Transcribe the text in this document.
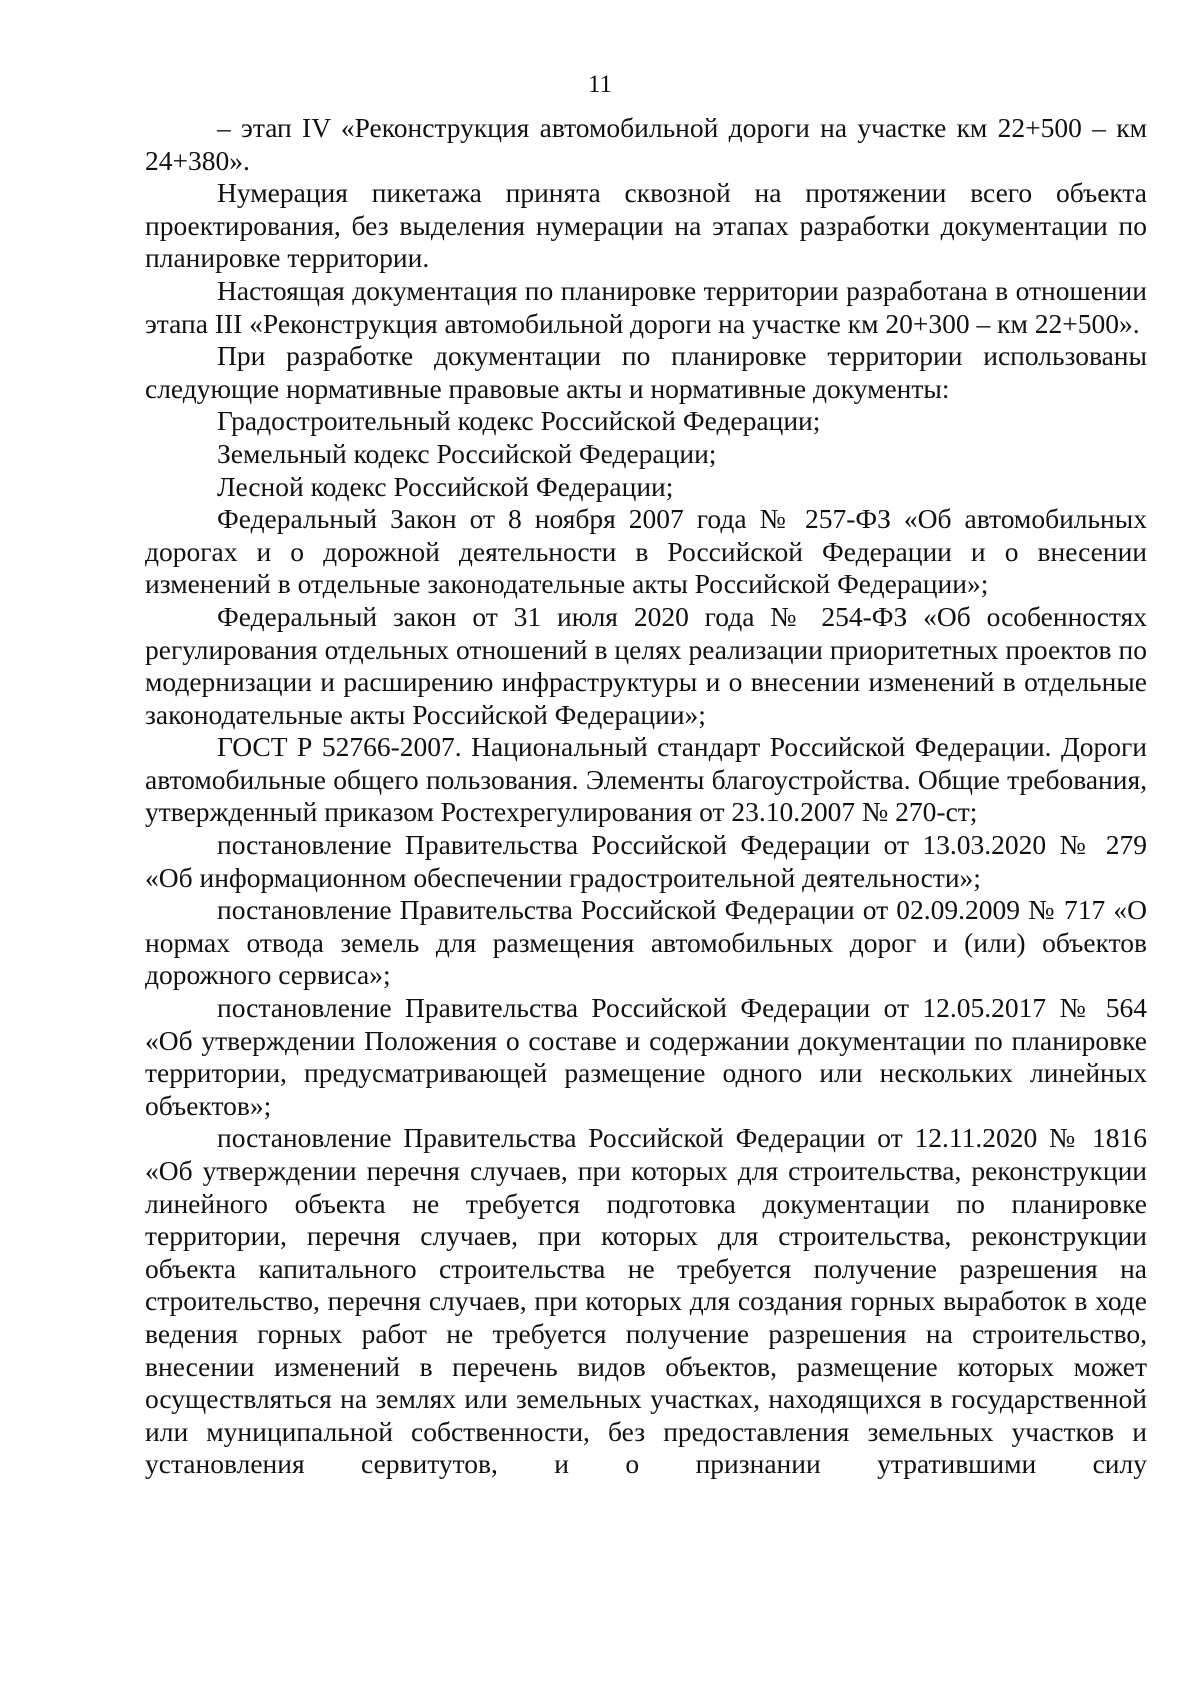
11

– этап IV «Реконструкция автомобильной дороги на участке км 22+500 – км 24+380».

Нумерация пикетажа принята сквозной на протяжении всего объекта проектирования, без выделения нумерации на этапах разработки документации по планировке территории.

Настоящая документация по планировке территории разработана в отношении этапа III «Реконструкция автомобильной дороги на участке км 20+300 – км 22+500».

При разработке документации по планировке территории использованы следующие нормативные правовые акты и нормативные документы:

Градостроительный кодекс Российской Федерации;

Земельный кодекс Российской Федерации;

Лесной кодекс Российской Федерации;

Федеральный Закон от 8 ноября 2007 года № 257-ФЗ «Об автомобильных дорогах и о дорожной деятельности в Российской Федерации и о внесении изменений в отдельные законодательные акты Российской Федерации»;

Федеральный закон от 31 июля 2020 года № 254-ФЗ «Об особенностях регулирования отдельных отношений в целях реализации приоритетных проектов по модернизации и расширению инфраструктуры и о внесении изменений в отдельные законодательные акты Российской Федерации»;

ГОСТ Р 52766-2007. Национальный стандарт Российской Федерации. Дороги автомобильные общего пользования. Элементы благоустройства. Общие требования, утвержденный приказом Ростехрегулирования от 23.10.2007 № 270-ст;

постановление Правительства Российской Федерации от 13.03.2020 № 279 «Об информационном обеспечении градостроительной деятельности»;

постановление Правительства Российской Федерации от 02.09.2009 № 717 «О нормах отвода земель для размещения автомобильных дорог и (или) объектов дорожного сервиса»;

постановление Правительства Российской Федерации от 12.05.2017 № 564 «Об утверждении Положения о составе и содержании документации по планировке территории, предусматривающей размещение одного или нескольких линейных объектов»;

постановление Правительства Российской Федерации от 12.11.2020 № 1816 «Об утверждении перечня случаев, при которых для строительства, реконструкции линейного объекта не требуется подготовка документации по планировке территории, перечня случаев, при которых для строительства, реконструкции объекта капитального строительства не требуется получение разрешения на строительство, перечня случаев, при которых для создания горных выработок в ходе ведения горных работ не требуется получение разрешения на строительство, внесении изменений в перечень видов объектов, размещение которых может осуществляться на землях или земельных участках, находящихся в государственной или муниципальной собственности, без предоставления земельных участков и установления сервитутов, и о признании утратившими силу
